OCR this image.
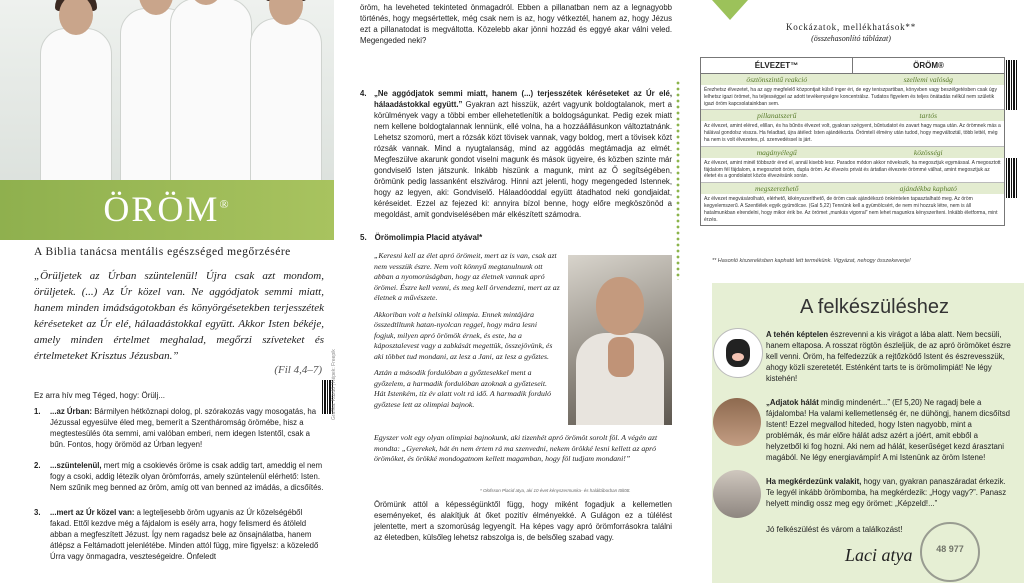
ÖRÖM®
A Biblia tanácsa mentális egészséged megőrzésére
„Örüljetek az Úrban szüntelenül! Újra csak azt mondom, örüljetek. (...) Az Úr közel van. Ne aggódjatok semmi miatt, hanem minden imádságotokban és könyörgésetekben terjesszétek kéréseteket az Úr elé, hálaadástokkal együtt. Akkor Isten békéje, amely minden értelmet meghalad, megőrzi szíveteket és értelmeteket Krisztus Jézusban.”
(Fil 4,4–7)
Ez arra hív meg Téged, hogy: Örülj...
1. ...az Úrban: Bármilyen hétköznapi dolog, pl. szórakozás vagy mosogatás, ha Jézussal egyesülve éled meg, bemerít a Szentháromság örömébe, hisz a megtestesülés óta semmi, ami valóban emberi, nem idegen Istentől, csak a bűn. Fontos, hogy örömöd az Úrban legyen!
2. ...szüntelenül, mert míg a csokievés öröme is csak addig tart, ameddig el nem fogy a csoki, addig létezik olyan örömforrás, amely szüntelenül elérhető: Isten. Nem szűnik meg benned az öröm, amíg ott van benned az imádás, a dicsőítés.
3. ...mert az Úr közel van: a legteljesebb öröm ugyanis az Úr közelségéből fakad. Ettől kezdve még a fájdalom is esély arra, hogy felismerd és átöleld abban a megfeszített Jézust. Így nem ragadsz bele az önsajnálatba, hanem átlépsz a Feltámadott jelenlétébe. Minden attól függ, mire figyelsz: a közeledő Úrra vagy önmagadra, veszteségeidre. Önfeledt
Grafika: Küzdő | Képek: Freepik
öröm, ha leveheted tekinteted önmagadról. Ebben a pillanatban nem az a legnagyobb történés, hogy megsértettek, még csak nem is az, hogy vétkeztél, hanem az, hogy Jézus ezt a pillanatodat is megváltotta. Közelebb akar jönni hozzád és eggyé akar válni veled. Megengeded neki?
4. „Ne aggódjatok semmi miatt, hanem (...) terjesszétek kéréseteket az Úr elé, hálaadástokkal együtt.” Gyakran azt hisszük, azért vagyunk boldogtalanok, mert a körülmények vagy a többi ember ellehetetlenítik a boldogságunkat. Pedig ezek miatt nem kellene boldogtalannak lennünk, ellé volna, ha a hozzáállásunkon változtatnánk. Lehetsz szomorú, mert a rózsák közt tövisek vannak, vagy boldog, mert a tövisek közt rózsák vannak. Mind a nyugtalanság, mind az aggódás megtámadja az elmét. Megfeszülve akarunk gondot viselni magunk és mások ügyeire, és közben szinte már gondviselő Isten játszunk. Inkább hiszünk a magunk, mint az Ő segítségében, örömünk pedig lassanként elszivárog. Hinni azt jelenti, hogy megengeded Istennek, hogy az legyen, aki: Gondviselő. Hálaadóoddal együtt átadhatod neki gondjaidat, kéréseidet. Ezzel az fejezed ki: annyira bízol benne, hogy előre megköszönöd a megoldást, amit gondviselésében már elkészített számodra.
5. Örömolimpia Placid atyával*

„Keresni kell az élet apró örömeit, mert az is van, csak azt nem vesszük észre. Nem volt könnyű megtanulnunk ott abban a nyomorúságban, hogy az életnek vannak apró örömei. Észre kell venni, és meg kell örvendezni, mert az az életnek a művészete.

Akkoriban volt a helsinki olimpia. Ennek mintájára összedtlltunk hatan-nyolcan reggel, hogy mára lesni fogjuk, milyen apró örömök érnek, és este, ha a káposztalevest vagy a zabkását megettük, összejövünk, és aki többet tud mondani, az lesz a Jani, az lesz a győztes.

Aztán a második fordulóban a győztesekkel ment a győzelem, a harmadik fordulóban azoknak a győzteseit. Hát Istenkém, tíz év alatt volt rá idő. A harmadik forduló győztese lett az olimpiai bajnok.

Egyszer volt egy olyan olimpiai bajnokunk, aki tizenhét apró örömöt sorolt föl. A végén azt mondta: „Gyerekek, hát én nem értem rá ma szenvedni, nekem örökké lesni kellett az apró örömöket, és örökké mondogatnom kellett magamban, hogy föl tudjam mondani!”

* Olofsson Placid atya, aki 10 évet kényszermunka- és haláltáborban töltött.
Örömünk attól a képességünktől függ, hogy miként fogadjuk a kellemetlen eseményeket, és alakítjuk át őket pozitív élményekké. A Gulágon ez a túlélést jelentette, mert a szomorúság legyengít. Ha képes vagy apró örömforrásokra találni az életedben, külsőleg lehetsz rabszolga is, de belsőleg szabad vagy.
Kockázatok, mellékhatások**
(összehasonlító táblázat)
ÉLVEZET™	ÖRÖM®
ösztönszintű reakció	szellemi valóság
Érezhetsz élvezetet, ha az agy megfelelő központjait külső inger éri, de egy teniszpartiban, könyvben vagy beszélgetésben csak úgy lelhetsz igazi örömet, ha teljességgel az adott tevékenységre koncentrálsz. Tudatos figyelem és teljes önátadás nélkül nem születik igazi öröm kapcsolatainkban sem.
pillanatszerű	tartós
Az élvezet, amint eléred, elillan, és ha bűnös élvezet volt, gyakran szégyent, bűntudatot és zavart hagy maga után. Az örömnek más a hálával gondolsz vissza. Ha feladtad, újra átéled: Isten ajándékozta. Örömtelí élmény után tudod, hogy megváltoztál, több lettél, még ha nem is volt élvezetes, pl. szenvedéssel is járt.
magányélegű	közösségi
Az élvezet, amint minél többször éred el, annál kisebb lesz. Paradox módon akkor növekszik, ha megosztjuk egymással. A megosztott fájdalom fél fájdalom, a megosztott öröm, dupla öröm. Az élvezés privát és ártatlan élvezete örömmé válhat, amint megosztjuk az életet és a gondolatot közös élvezésünk során.
megszerezhető	ajándékba kapható
Az élvezet megvásárolható, elérhető, kikényszeríthető, de öröm csak ajándékozó önkéntelen tapasztalható meg. Az öröm kegyelemszerű. A Szentlélek egyik gyümölcse. (Gal 5,22) Tennünk kell a gyümölcsért, de nem mi hozzuk létre, nem is áll hatalmunkban elrendelni, hogy mikor érik be. Az örömet „munkás vigorral” nem lehet magunkra kényszeríteni. Inkább életforma, mint érzés.
** Hasonló kiszerelésben kapható lett termékünk. Vigyázat, nehogy összekeverje!
A felkészüléshez
A tehén képtelen észrevenni a kis virágot a lába alatt. Nem becsüli, hanem eltaposa. A rosszat rögtön észleljük, de az apró örömöket észre kell venni. Öröm, ha felfedezzük a rejtőzködő Istent és észrevesszük, ahogy közli szeretetét. Esténként tarts te is örömolimpiát! Ne légy kistehén!
„Adjatok hálát mindig mindenért...” (Ef 5,20) Ne ragadj bele a fájdalomba! Ha valami kellemetlenség ér, ne dühöngj, hanem dicsőítsd Istent! Ezzel megvallod hiteded, hogy Isten nagyobb, mint a problémák, és már előre hálát adsz azért a jóért, amit ebből a helyzetből ki fog hozni. Aki nem ad hálát, keserűséget kezd árasztani magából. Ne légy energiavámpír! A mi Istenünk az öröm Istene!
Ha megkérdezünk valakit, hogy van, gyakran panaszáradat érkezik. Te legyél inkább örömbomba, ha megkérdezik: „Hogy vagy?”. Panasz helyett mindig ossz meg egy örömet: „Képzeld!...”
Jó felkészülést és várom a találkozást!
Laci atya	48 977
